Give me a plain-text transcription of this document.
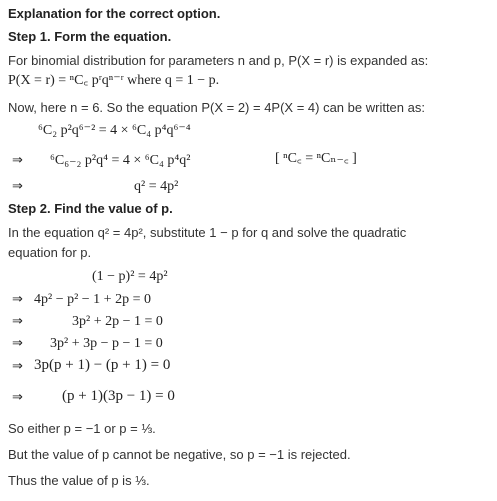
Explanation for the correct option.
Step 1. Form the equation.
For binomial distribution for parameters n and p, P(X = r) is expanded as:
P(X = r) = ⁿC꜀ pʳqⁿ⁻ʳ where q = 1 − p.
Now, here n = 6. So the equation P(X = 2) = 4P(X = 4) can be written as:
⁶C₂ p²q⁶⁻² = 4 × ⁶C₄ p⁴q⁶⁻⁴
⇒ ⁶C₆₋₂ p²q⁴ = 4 × ⁶C₄ p⁴q²	[ ⁿC꜀ = ⁿCₙ₋꜀ ]
⇒	q² = 4p²
Step 2. Find the value of p.
In the equation q² = 4p², substitute 1 − p for q and solve the quadratic
equation for p.
(1 − p)² = 4p²
⇒ 4p² − p² − 1 + 2p = 0
⇒	3p² + 2p − 1 = 0
⇒ 3p² + 3p − p − 1 = 0
⇒ 3p(p + 1) − (p + 1) = 0
⇒	(p + 1)(3p − 1) = 0
So either p = −1 or p = ⅓.
But the value of p cannot be negative, so p = −1 is rejected.
Thus the value of p is ⅓.
